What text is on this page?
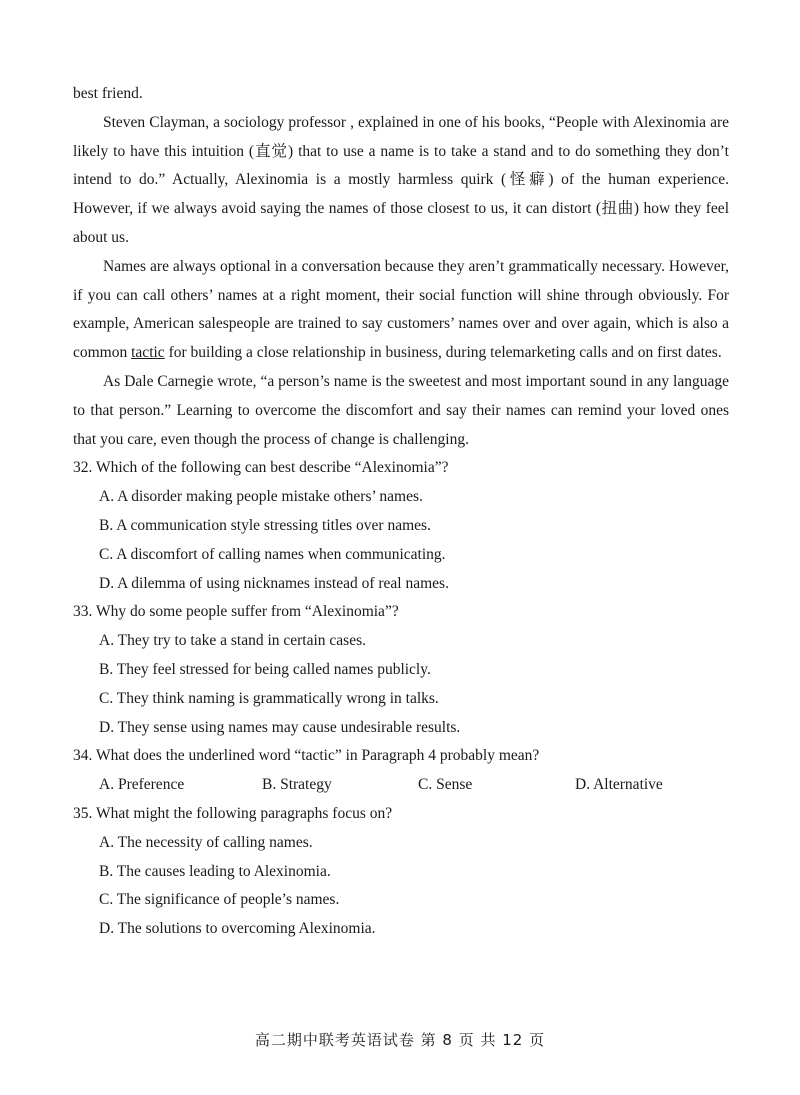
best friend.

Steven Clayman, a sociology professor , explained in one of his books, “People with Alexinomia are likely to have this intuition (直觉) that to use a name is to take a stand and to do something they don’t intend to do.” Actually, Alexinomia is a mostly harmless quirk (怪癖) of the human experience. However, if we always avoid saying the names of those closest to us, it can distort (扭曲) how they feel about us.

Names are always optional in a conversation because they aren’t grammatically necessary. However, if you can call others’ names at a right moment, their social function will shine through obviously. For example, American salespeople are trained to say customers’ names over and over again, which is also a common tactic for building a close relationship in business, during telemarketing calls and on first dates.

As Dale Carnegie wrote, “a person’s name is the sweetest and most important sound in any language to that person.” Learning to overcome the discomfort and say their names can remind your loved ones that you care, even though the process of change is challenging.

32. Which of the following can best describe “Alexinomia”?

A. A disorder making people mistake others’ names.

B. A communication style stressing titles over names.

C. A discomfort of calling names when communicating.

D. A dilemma of using nicknames instead of real names.

33. Why do some people suffer from “Alexinomia”?

A. They try to take a stand in certain cases.

B. They feel stressed for being called names publicly.

C. They think naming is grammatically wrong in talks.

D. They sense using names may cause undesirable results.

34. What does the underlined word “tactic” in Paragraph 4 probably mean?

A. Preference	B. Strategy	C. Sense	D. Alternative

35. What might the following paragraphs focus on?

A. The necessity of calling names.

B. The causes leading to Alexinomia.

C. The significance of people’s names.

D. The solutions to overcoming Alexinomia.

高二期中联考英语试卷 第 8 页 共 12 页
